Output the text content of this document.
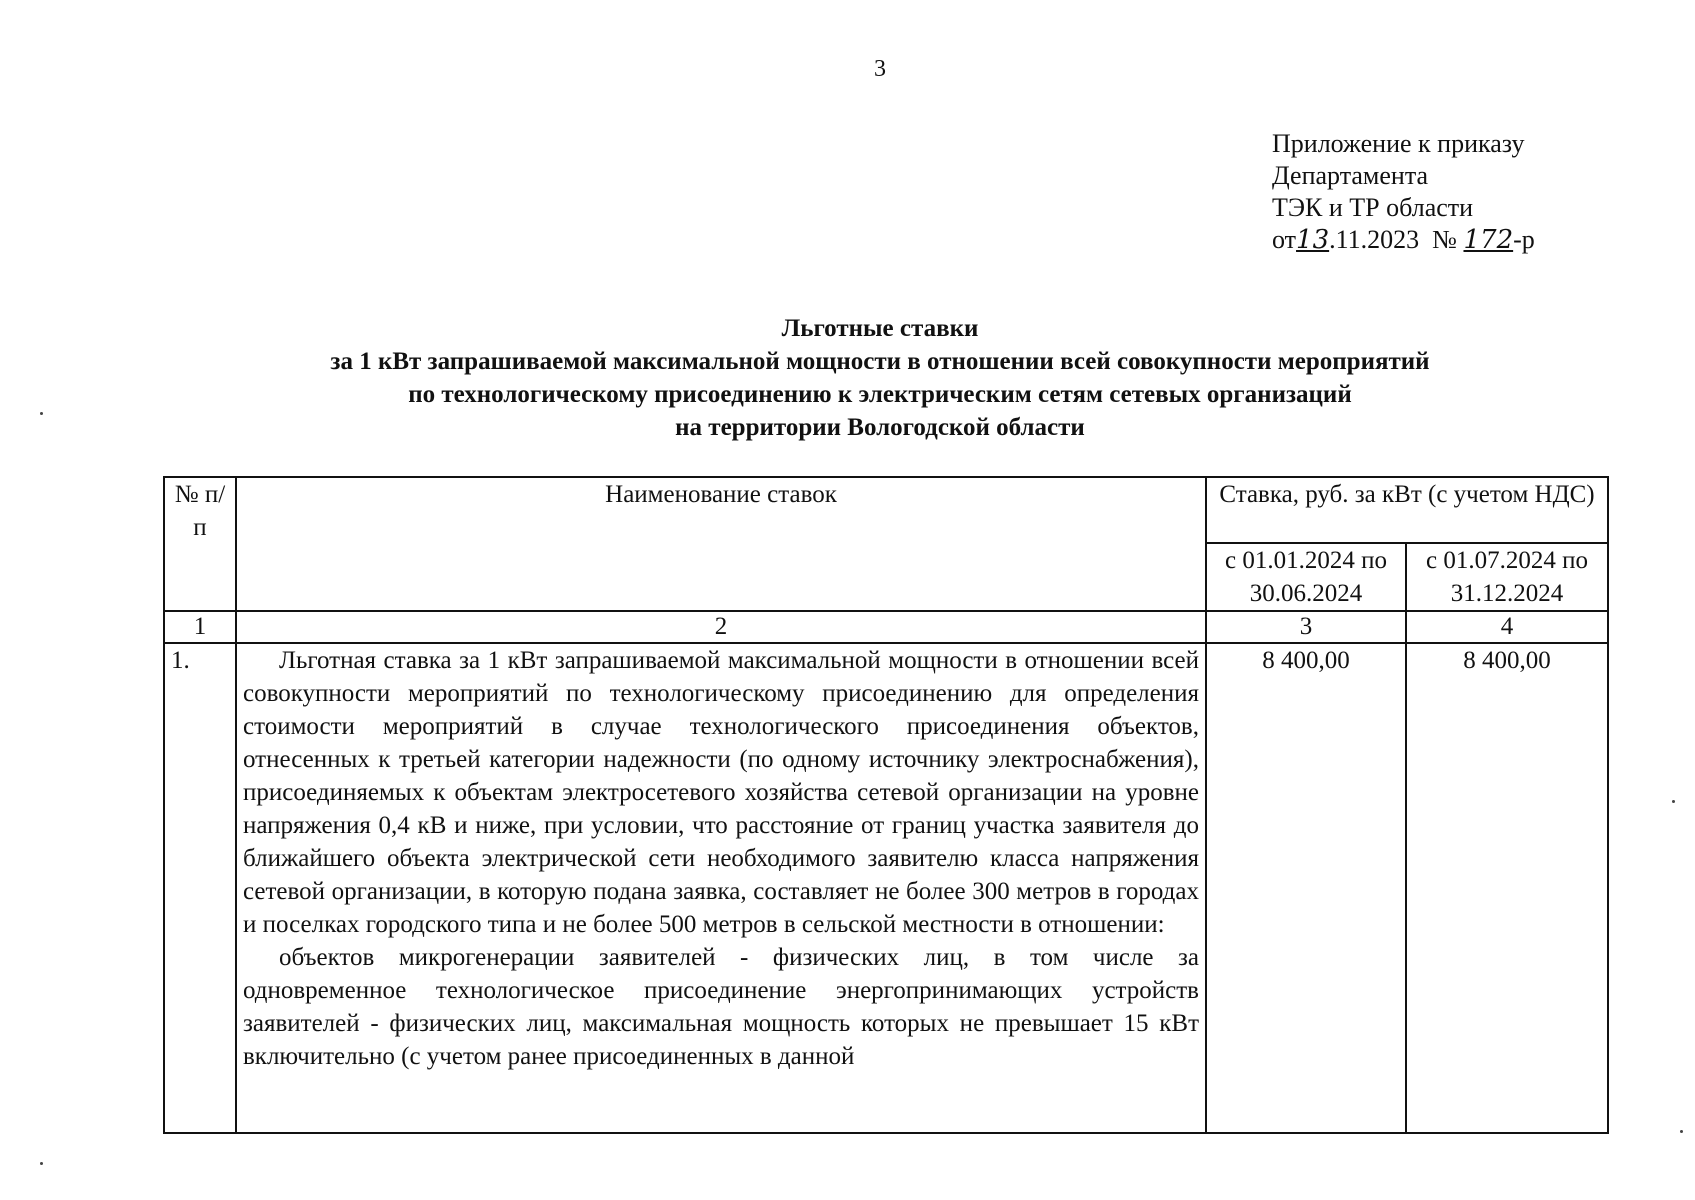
3
Приложение к приказу
Департамента
ТЭК и ТР области
от13.11.2023 № 172-р
Льготные ставки
за 1 кВт запрашиваемой максимальной мощности в отношении всей совокупности мероприятий
по технологическому присоединению к электрическим сетям сетевых организаций
на территории Вологодской области
№ п/п	Наименование ставок	Ставка, руб. за кВт (с учетом НДС)	
		с 01.01.2024 по 30.06.2024	с 01.07.2024 по 31.12.2024
1	2	3	4
1.	Льготная ставка за 1 кВт запрашиваемой максимальной мощности в отношении всей совокупности мероприятий по технологическому присоединению для определения стоимости мероприятий в случае технологического присоединения объектов, отнесенных к третьей категории надежности (по одному источнику электроснабжения), присоединяемых к объектам электросетевого хозяйства сетевой организации на уровне напряжения 0,4 кВ и ниже, при условии, что расстояние от границ участка заявителя до ближайшего объекта электрической сети необходимого заявителю класса напряжения сетевой организации, в которую подана заявка, составляет не более 300 метров в городах и поселках городского типа и не более 500 метров в сельской местности в отношении:

объектов микрогенерации заявителей - физических лиц, в том числе за одновременное технологическое присоединение энергопринимающих устройств заявителей - физических лиц, максимальная мощность которых не превышает 15 кВт включительно (с учетом ранее присоединенных в данной	8 400,00	8 400,00
